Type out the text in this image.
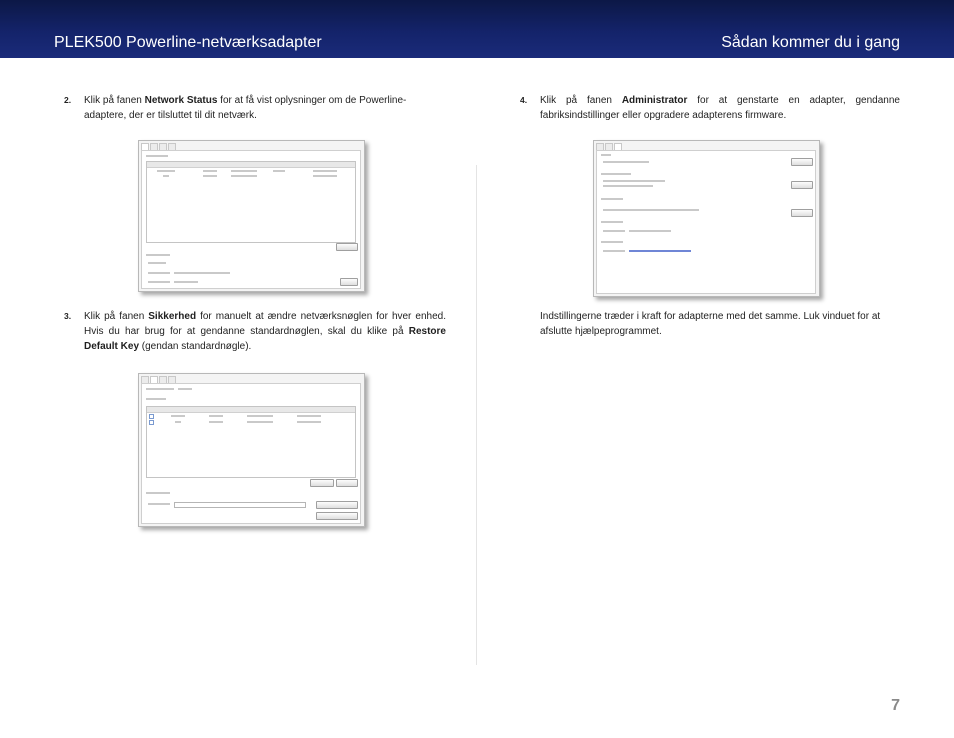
PLEK500 Powerline-netværksadapter	Sådan kommer du i gang
2. Klik på fanen Network Status for at få vist oplysninger om de Powerline-adaptere, der er tilsluttet til dit netværk.
3. Klik på fanen Sikkerhed for manuelt at ændre netværksnøglen for hver enhed. Hvis du har brug for at gendanne standardnøglen, skal du klike på Restore Default Key (gendan standardnøgle).
4. Klik på fanen Administrator for at genstarte en adapter, gendanne fabriksindstillinger eller opgradere adapterens firmware.
Indstillingerne træder i kraft for adapterne med det samme. Luk vinduet for at afslutte hjælpeprogrammet.
7
